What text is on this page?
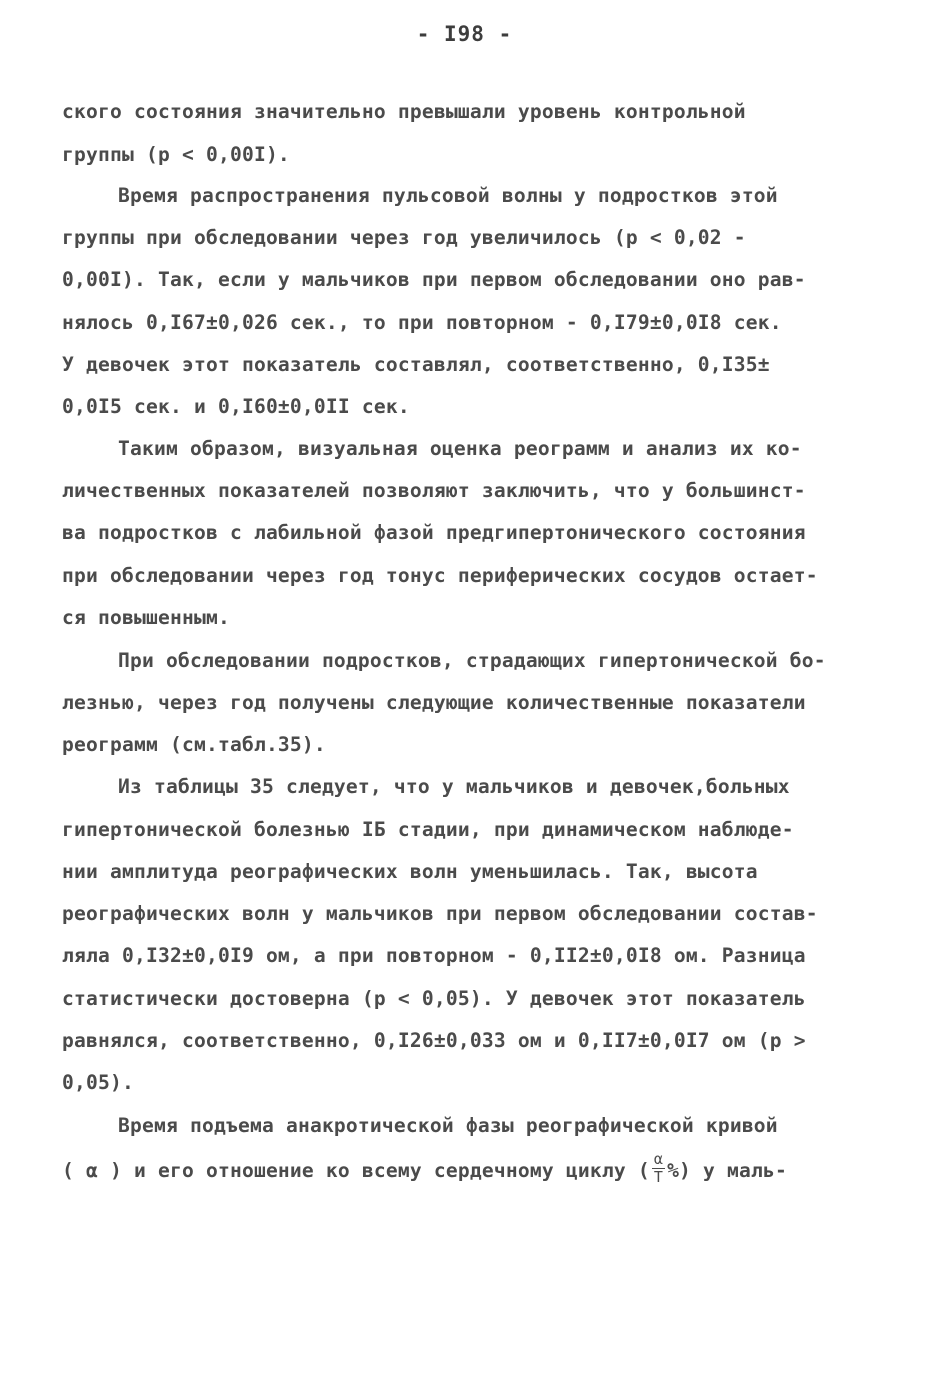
- I98 -
ского состояния значительно превышали уровень контрольной
группы (р < 0,00I).
Время распространения пульсовой волны у подростков этой
группы при обследовании через год увеличилось (р < 0,02 -
0,00I). Так, если у мальчиков при первом обследовании оно рав-
нялось 0,I67±0,026 сек., то при повторном - 0,I79±0,0I8 сек.
У девочек этот показатель составлял, соответственно, 0,I35±
0,0I5 сек. и 0,I60±0,0II сек.
Таким образом, визуальная оценка реограмм и анализ их ко-
личественных показателей позволяют заключить, что у большинст-
ва подростков с лабильной фазой предгипертонического состояния
при обследовании через год тонус периферических сосудов остает-
ся повышенным.
При обследовании подростков, страдающих гипертонической бо-
лезнью, через год получены следующие количественные показатели
реограмм (см.табл.35).
Из таблицы 35 следует, что у мальчиков и девочек,больных
гипертонической болезнью IБ стадии, при динамическом наблюде-
нии амплитуда реографических волн уменьшилась. Так, высота
реографических волн у мальчиков при первом обследовании состав-
ляла 0,I32±0,0I9 ом, а при повторном - 0,II2±0,0I8 ом. Разница
статистически достоверна (р < 0,05). У девочек этот показатель
равнялся, соответственно, 0,I26±0,033 ом и 0,II7±0,0I7 ом (р >
0,05).
Время подъема анакротической фазы реографической кривой
( α ) и его отношение ко всему сердечному циклу ( $\frac{\alpha}{T}$ %) у маль-
